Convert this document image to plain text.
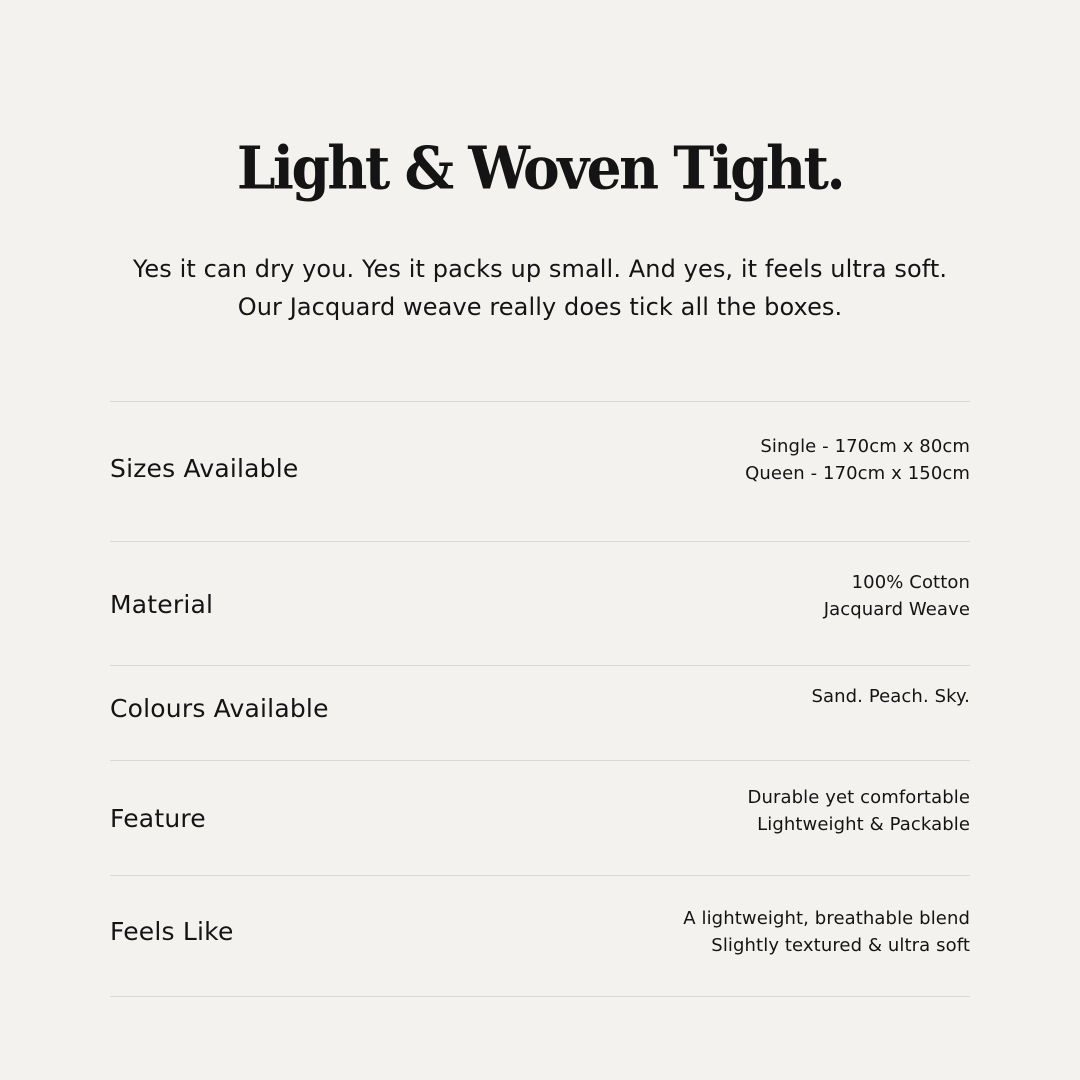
Light & Woven Tight.

Yes it can dry you. Yes it packs up small. And yes, it feels ultra soft. Our Jacquard weave really does tick all the boxes.

Sizes Available
Single - 170cm x 80cm
Queen - 170cm x 150cm
Material
100% Cotton
Jacquard Weave
Colours Available	Sand. Peach. Sky.
Feature
Durable yet comfortable
Lightweight & Packable
Feels Like	A lightweight, breathable blend
Slightly textured & ultra soft
